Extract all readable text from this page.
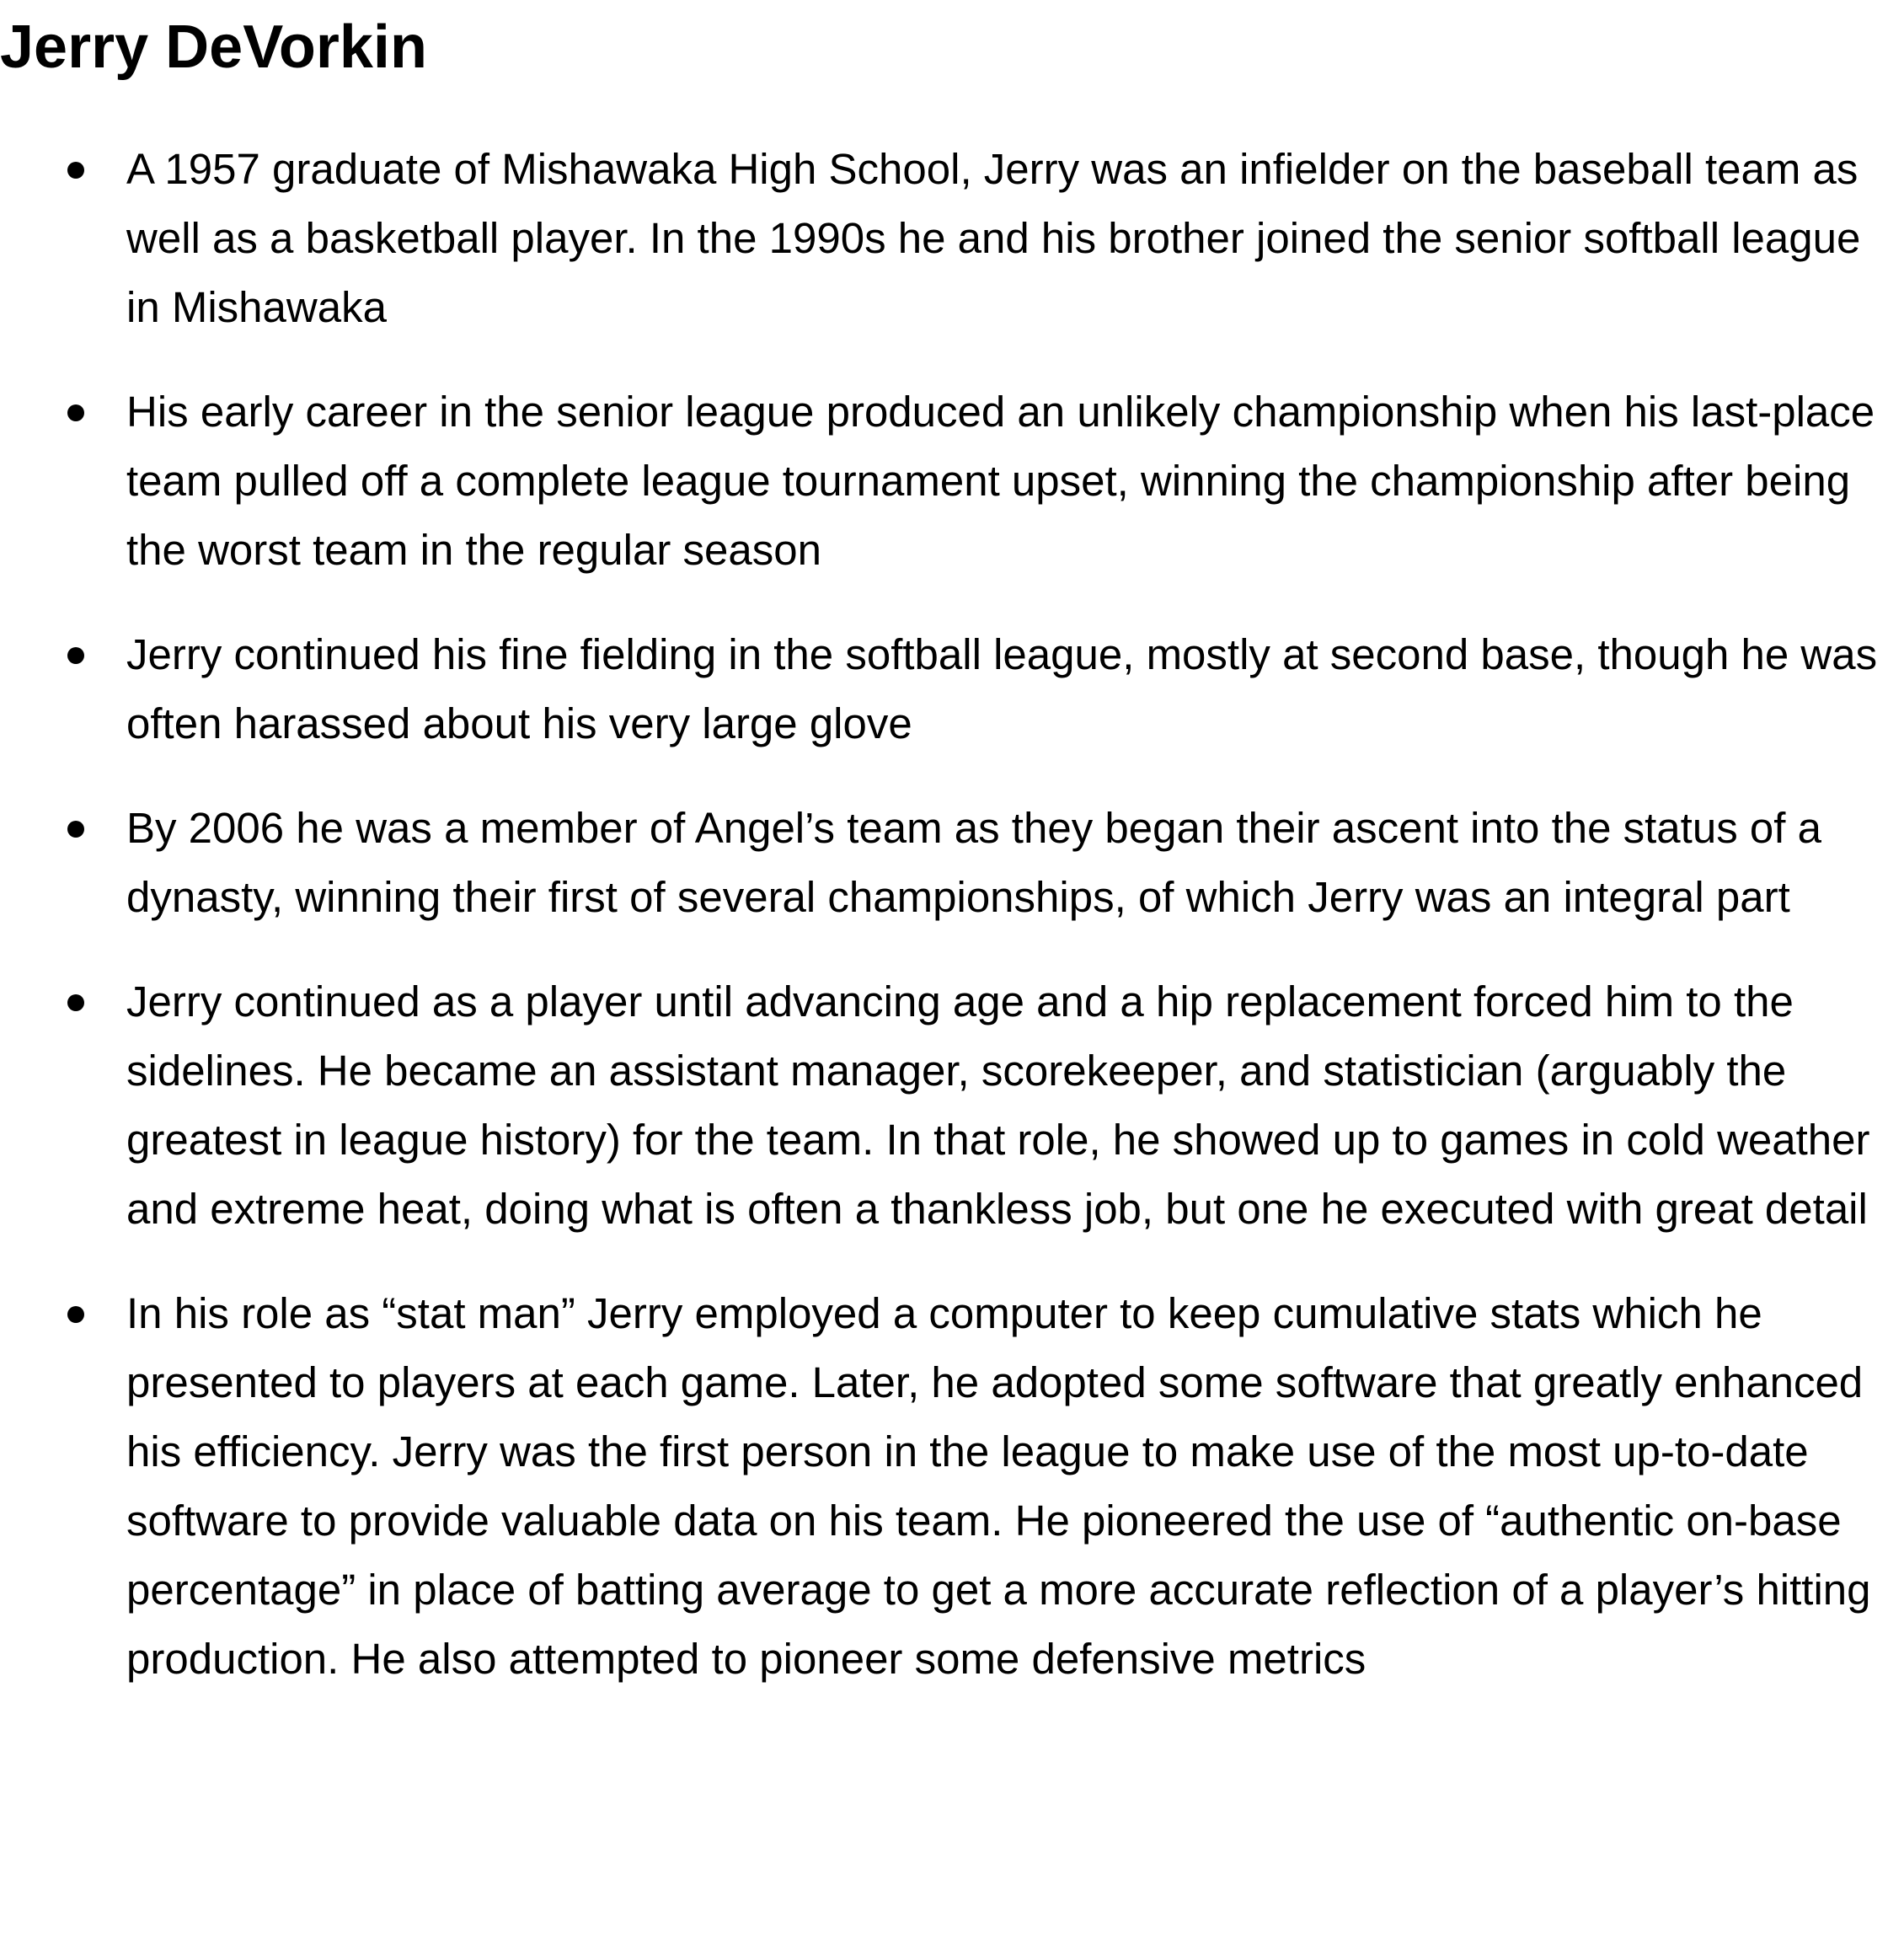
Jerry DeVorkin
A 1957 graduate of Mishawaka High School, Jerry was an infielder on the baseball team as well as a basketball player. In the 1990s he and his brother joined the senior softball league in Mishawaka
His early career in the senior league produced an unlikely championship when his last-place team pulled off a complete league tournament upset, winning the championship after being the worst team in the regular season
Jerry continued his fine fielding in the softball league, mostly at second base, though he was often harassed about his very large glove
By 2006 he was a member of Angel’s team as they began their ascent into the status of a dynasty, winning their first of several championships, of which Jerry was an integral part
Jerry continued as a player until advancing age and a hip replacement forced him to the sidelines. He became an assistant manager, scorekeeper, and statistician (arguably the greatest in league history) for the team. In that role, he showed up to games in cold weather and extreme heat, doing what is often a thankless job, but one he executed with great detail
In his role as “stat man” Jerry employed a computer to keep cumulative stats which he presented to players at each game. Later, he adopted some software that greatly enhanced his efficiency. Jerry was the first person in the league to make use of the most up-to-date software to provide valuable data on his team. He pioneered the use of “authentic on-base percentage” in place of batting average to get a more accurate reflection of a player’s hitting production. He also attempted to pioneer some defensive metrics
